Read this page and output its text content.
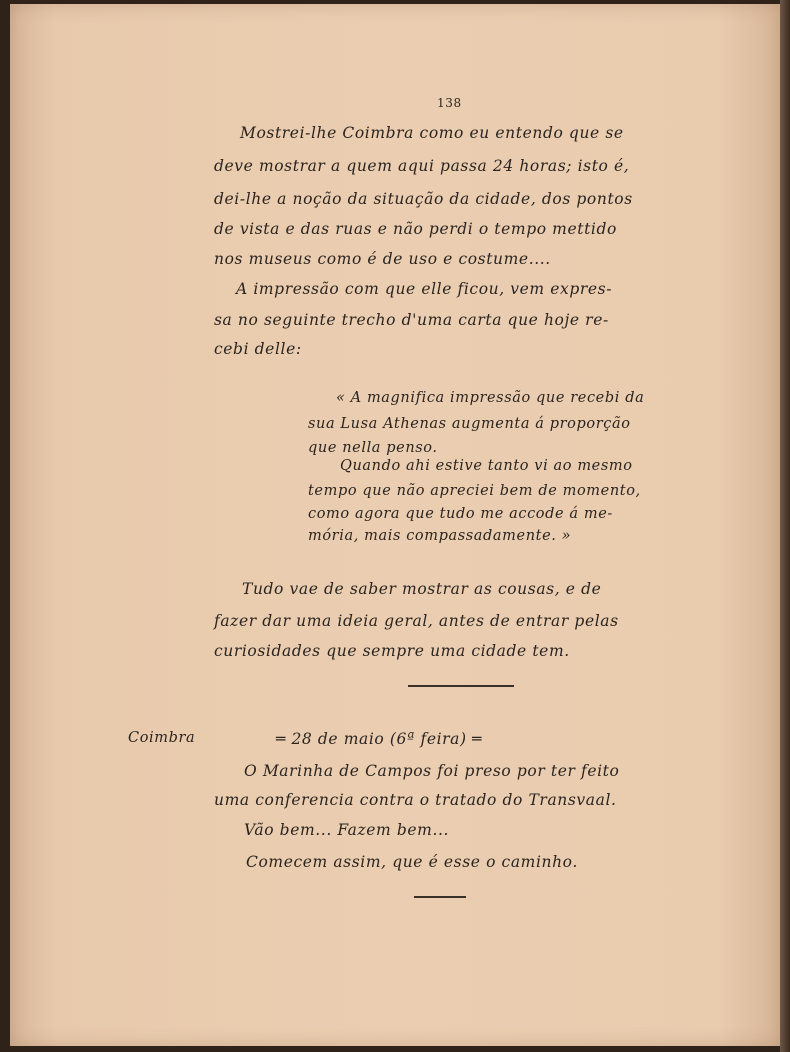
138
Mostrei-lhe Coimbra como eu entendo que se
deve mostrar a quem aqui passa 24 horas; isto é,
dei-lhe a noção da situação da cidade, dos pontos
de vista e das ruas e não perdi o tempo mettido
nos museus como é de uso e costume....
A impressão com que elle ficou, vem expres-
sa no seguinte trecho d'uma carta que hoje re-
cebi delle:
« A magnifica impressão que recebi da
sua Lusa Athenas augmenta á proporção
que nella penso.
Quando ahi estive tanto vi ao mesmo
tempo que não apreciei bem de momento,
como agora que tudo me accode á me-
mória, mais compassadamente. »
Tudo vae de saber mostrar as cousas, e de
fazer dar uma ideia geral, antes de entrar pelas
curiosidades que sempre uma cidade tem.
Coimbra	═ 28 de maio (6ª feira) ═
O Marinha de Campos foi preso por ter feito
uma conferencia contra o tratado do Transvaal.
Vão bem... Fazem bem...
Comecem assim, que é esse o caminho.
